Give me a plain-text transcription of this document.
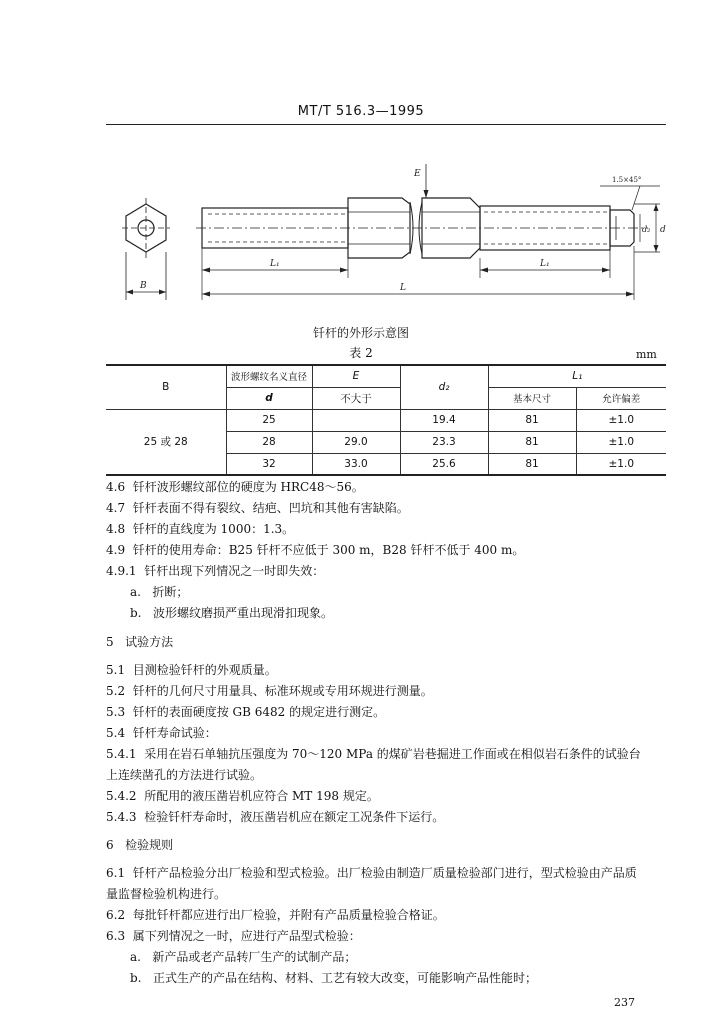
MT/T 516.3—1995
B
L₁	L₁
L
E
1.5×45°
d₂ d
钎杆的外形示意图
表 2	mm
B	波形螺纹名义直径	E	d₂	L₁	
	d	不大于		基本尺寸	允许偏差
25 或 28	25		19.4	81	±1.0
	28	29.0	23.3	81	±1.0
	32	33.0	25.6	81	±1.0
4.6 钎杆波形螺纹部位的硬度为 HRC48～56。
4.7 钎杆表面不得有裂纹、结疤、凹坑和其他有害缺陷。
4.8 钎杆的直线度为 1000：1.3。
4.9 钎杆的使用寿命：B25 钎杆不应低于 300 m，B28 钎杆不低于 400 m。
4.9.1 钎杆出现下列情况之一时即失效：
a. 折断；
b. 波形螺纹磨损严重出现滑扣现象。
5 试验方法
5.1 目测检验钎杆的外观质量。
5.2 钎杆的几何尺寸用量具、标准环规或专用环规进行测量。
5.3 钎杆的表面硬度按 GB 6482 的规定进行测定。
5.4 钎杆寿命试验：
5.4.1 采用在岩石单轴抗压强度为 70～120 MPa 的煤矿岩巷掘进工作面或在相似岩石条件的试验台
上连续凿孔的方法进行试验。
5.4.2 所配用的液压凿岩机应符合 MT 198 规定。
5.4.3 检验钎杆寿命时，液压凿岩机应在额定工况条件下运行。
6 检验规则
6.1 钎杆产品检验分出厂检验和型式检验。出厂检验由制造厂质量检验部门进行，型式检验由产品质
量监督检验机构进行。
6.2 每批钎杆都应进行出厂检验，并附有产品质量检验合格证。
6.3 属下列情况之一时，应进行产品型式检验：
a. 新产品或老产品转厂生产的试制产品；
b. 正式生产的产品在结构、材料、工艺有较大改变，可能影响产品性能时；
237
